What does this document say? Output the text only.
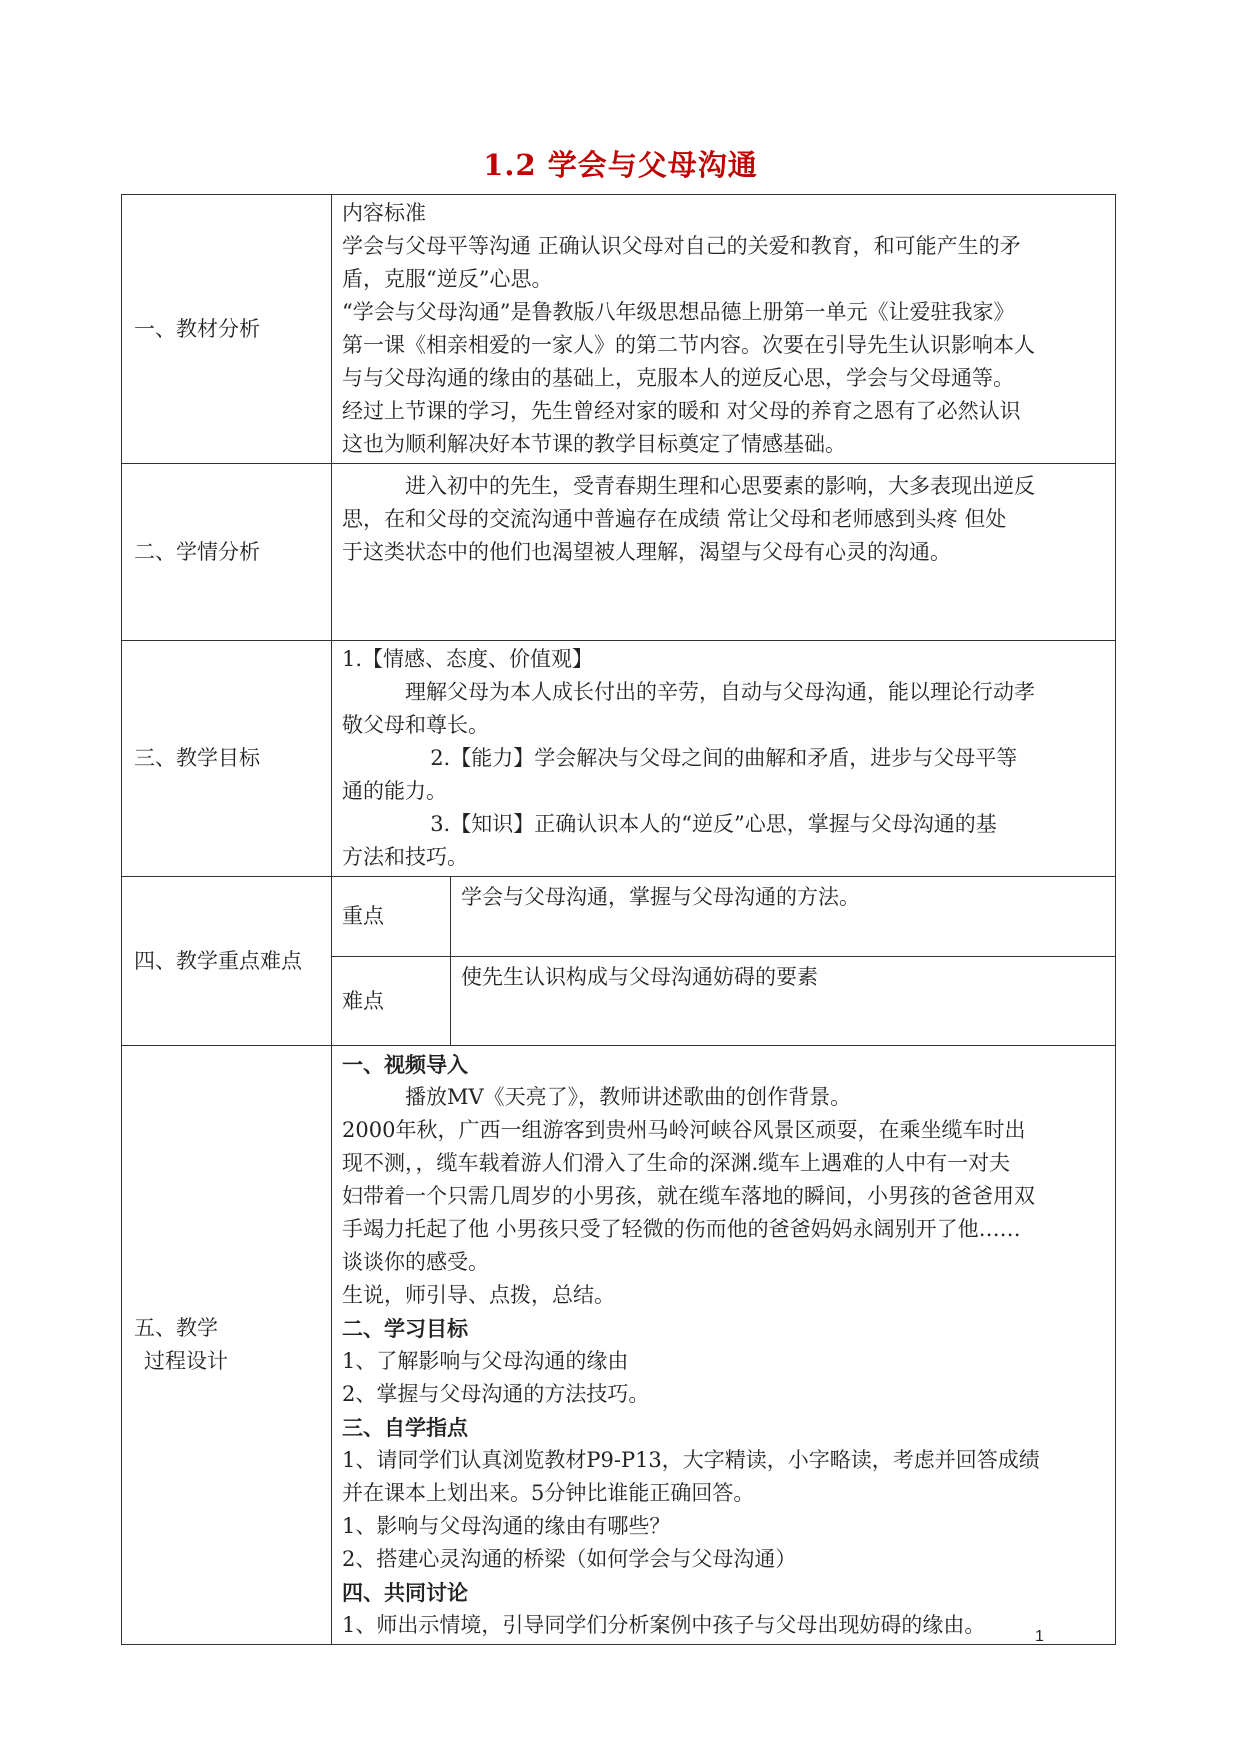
1.2 学会与父母沟通
一、教材分析	

内容标准

学会与父母平等沟通 正确认识父母对自己的关爱和教育，和可能产生的矛

盾，克服“逆反”心思。

“学会与父母沟通”是鲁教版八年级思想品德上册第一单元《让爱驻我家》

第一课《相亲相爱的一家人》的第二节内容。次要在引导先生认识影响本人

与与父母沟通的缘由的基础上，克服本人的逆反心思，学会与父母通等。

经过上节课的学习，先生曾经对家的暖和 对父母的养育之恩有了必然认识

这也为顺利解决好本节课的教学目标奠定了情感基础。

二、学情分析	

进入初中的先生，受青春期生理和心思要素的影响，大多表现出逆反

思，在和父母的交流沟通中普遍存在成绩 常让父母和老师感到头疼 但处

于这类状态中的他们也渴望被人理解，渴望与父母有心灵的沟通。

三、教学目标	

1.【情感、态度、价值观】

理解父母为本人成长付出的辛劳，自动与父母沟通，能以理论行动孝

敬父母和尊长。

2.【能力】学会解决与父母之间的曲解和矛盾，进步与父母平等

通的能力。

3.【知识】正确认识本人的“逆反”心思，掌握与父母沟通的基

方法和技巧。

四、教学重点难点	
重点	学会与父母沟通，掌握与父母沟通的方法。
难点	使先生认识构成与父母沟通妨碍的要素

五、教学
过程设计

一、视频导入

播放MV《天亮了》，教师讲述歌曲的创作背景。

2000年秋，广西一组游客到贵州马岭河峡谷风景区顽耍，在乘坐缆车时出

现不测，，缆车载着游人们滑入了生命的深渊.缆车上遇难的人中有一对夫

妇带着一个只需几周岁的小男孩，就在缆车落地的瞬间，小男孩的爸爸用双

手竭力托起了他 小男孩只受了轻微的伤而他的爸爸妈妈永阔别开了他……

谈谈你的感受。

生说，师引导、点拨，总结。

二、学习目标

1、了解影响与父母沟通的缘由

2、掌握与父母沟通的方法技巧。

三、自学指点

1、请同学们认真浏览教材P9-P13，大字精读，小字略读，考虑并回答成绩

并在课本上划出来。5分钟比谁能正确回答。

1、影响与父母沟通的缘由有哪些？

2、搭建心灵沟通的桥梁（如何学会与父母沟通）

四、共同讨论

1、师出示情境，引导同学们分析案例中孩子与父母出现妨碍的缘由。	1
